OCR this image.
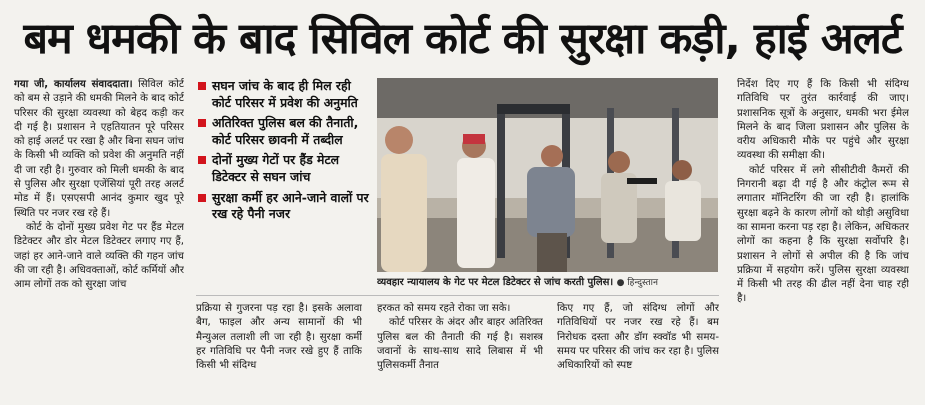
बम धमकी के बाद सिविल कोर्ट की सुरक्षा कड़ी, हाई अलर्ट

गया जी, कार्यालय संवाददाता। सिविल कोर्ट को बम से उड़ाने की धमकी मिलने के बाद कोर्ट परिसर की सुरक्षा व्यवस्था को बेहद कड़ी कर दी गई है। प्रशासन ने एहतियातन पूरे परिसर को हाई अलर्ट पर रखा है और बिना सघन जांच के किसी भी व्यक्ति को प्रवेश की अनुमति नहीं दी जा रही है। गुरुवार को मिली धमकी के बाद से पुलिस और सुरक्षा एजेंसियां पूरी तरह अलर्ट मोड में हैं। एसएसपी आनंद कुमार खुद पूरे स्थिति पर नजर रख रहे हैं।

कोर्ट के दोनों मुख्य प्रवेश गेट पर हैंड मेटल डिटेक्टर और डोर मेटल डिटेक्टर लगाए गए हैं, जहां हर आने-जाने वाले व्यक्ति की गहन जांच की जा रही है। अधिवक्ताओं, कोर्ट कर्मियों और आम लोगों तक को सुरक्षा जांच

सघन जांच के बाद ही मिल रही कोर्ट परिसर में प्रवेश की अनुमति
अतिरिक्त पुलिस बल की तैनाती, कोर्ट परिसर छावनी में तब्दील
दोनों मुख्य गेटों पर हैंड मेटल डिटेक्टर से सघन जांच
सुरक्षा कर्मी हर आने-जाने वालों पर रख रहे पैनी नजर
व्यवहार न्यायालय के गेट पर मेटल डिटेक्टर से जांच करती पुलिस। ● हिन्दुस्तान

प्रक्रिया से गुजरना पड़ रहा है। इसके अलावा बैग, फाइल और अन्य सामानों की भी मैन्युअल तलाशी ली जा रही है। सुरक्षा कर्मी हर गतिविधि पर पैनी नजर रखे हुए हैं ताकि किसी भी संदिग्ध

हरकत को समय रहते रोका जा सके।

कोर्ट परिसर के अंदर और बाहर अतिरिक्त पुलिस बल की तैनाती की गई है। सशस्त्र जवानों के साथ-साथ सादे लिबास में भी पुलिसकर्मी तैनात

किए गए हैं, जो संदिग्ध लोगों और गतिविधियों पर नजर रख रहे हैं। बम निरोधक दस्ता और डॉग स्क्वॉड भी समय-समय पर परिसर की जांच कर रहा है। पुलिस अधिकारियों को स्पष्ट

निर्देश दिए गए हैं कि किसी भी संदिग्ध गतिविधि पर तुरंत कार्रवाई की जाए। प्रशासनिक सूत्रों के अनुसार, धमकी भरा ईमेल मिलने के बाद जिला प्रशासन और पुलिस के वरीय अधिकारी मौके पर पहुंचे और सुरक्षा व्यवस्था की समीक्षा की।

कोर्ट परिसर में लगे सीसीटीवी कैमरों की निगरानी बढ़ा दी गई है और कंट्रोल रूम से लगातार मॉनिटरिंग की जा रही है। हालांकि सुरक्षा बढ़ने के कारण लोगों को थोड़ी असुविधा का सामना करना पड़ रहा है। लेकिन, अधिकतर लोगों का कहना है कि सुरक्षा सर्वोपरि है। प्रशासन ने लोगों से अपील की है कि जांच प्रक्रिया में सहयोग करें। पुलिस सुरक्षा व्यवस्था में किसी भी तरह की ढील नहीं देना चाह रही है।
